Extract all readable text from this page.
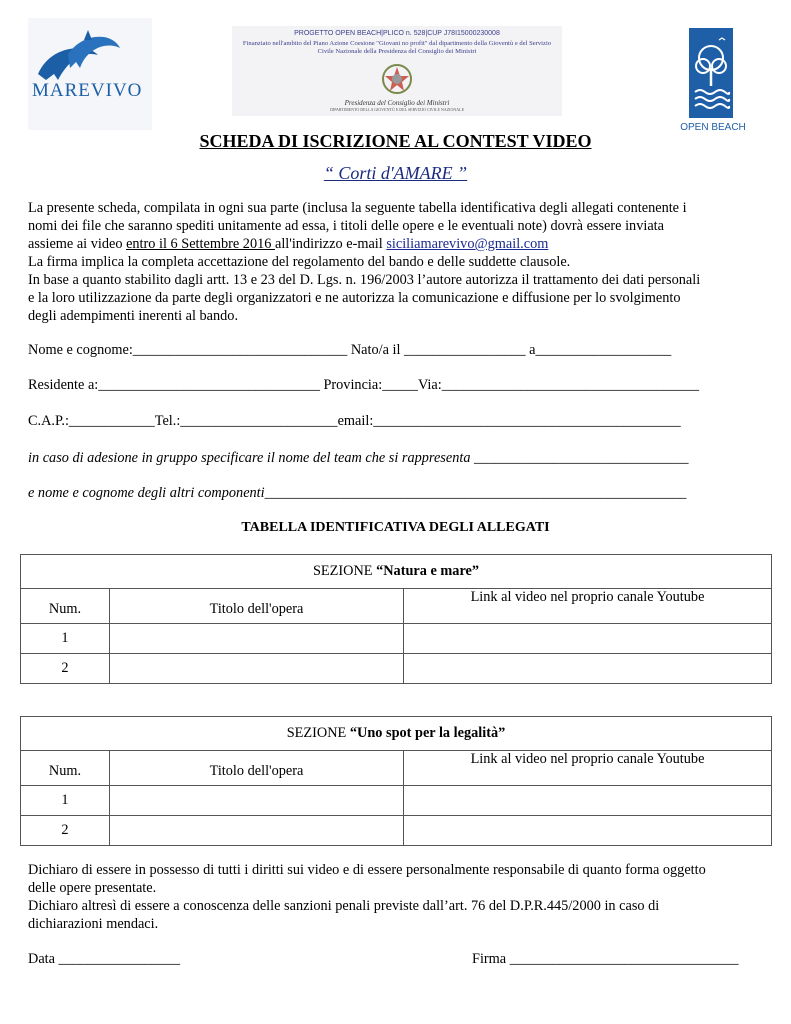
MAREVIVO
PROGETTO OPEN BEACH|PLICO n. 528|CUP J78I15000230008
Finanziato nell'ambito del Piano Azione Coesione "Giovani no profit" dal dipartimento della Gioventù e del Servizio
Civile Nazionale della Presidenza del Consiglio dei Ministri
Presidenza del Consiglio dei Ministri
DIPARTIMENTO DELLA GIOVENTÙ E DEL SERVIZIO CIVILE NAZIONALE
OPEN BEACH
SCHEDA DI ISCRIZIONE AL CONTEST VIDEO
“ Corti d'AMARE ”
La presente scheda, compilata in ogni sua parte (inclusa la seguente tabella identificativa degli allegati contenente i
nomi dei file che saranno spediti unitamente ad essa, i titoli delle opere e le eventuali note) dovrà essere inviata
assieme ai video entro il 6 Settembre 2016 all'indirizzo e-mail siciliamarevivo@gmail.com
La firma implica la completa accettazione del regolamento del bando e delle suddette clausole.
In base a quanto stabilito dagli artt. 13 e 23 del D. Lgs. n. 196/2003 l’autore autorizza il trattamento dei dati personali
e la loro utilizzazione da parte degli organizzatori e ne autorizza la comunicazione e diffusione per lo svolgimento
degli adempimenti inerenti al bando.
Nome e cognome:______________________________ Nato/a il _________________ a___________________
Residente a:_______________________________ Provincia:_____Via:____________________________________
C.A.P.:____________Tel.:______________________email:___________________________________________
in caso di adesione in gruppo specificare il nome del team che si rappresenta ______________________________
e nome e cognome degli altri componenti___________________________________________________________
TABELLA IDENTIFICATIVA DEGLI ALLEGATI
SEZIONE “Natura e mare”		
Num.	Titolo dell'opera	Link al video nel proprio canale Youtube
1		
2		
SEZIONE “Uno spot per la legalità”		
Num.	Titolo dell'opera	Link al video nel proprio canale Youtube
1		
2		
Dichiaro di essere in possesso di tutti i diritti sui video e di essere personalmente responsabile di quanto forma oggetto
delle opere presentate.
Dichiaro altresì di essere a conoscenza delle sanzioni penali previste dall’art. 76 del D.P.R.445/2000 in caso di
dichiarazioni mendaci.
Data _________________	Firma ________________________________
